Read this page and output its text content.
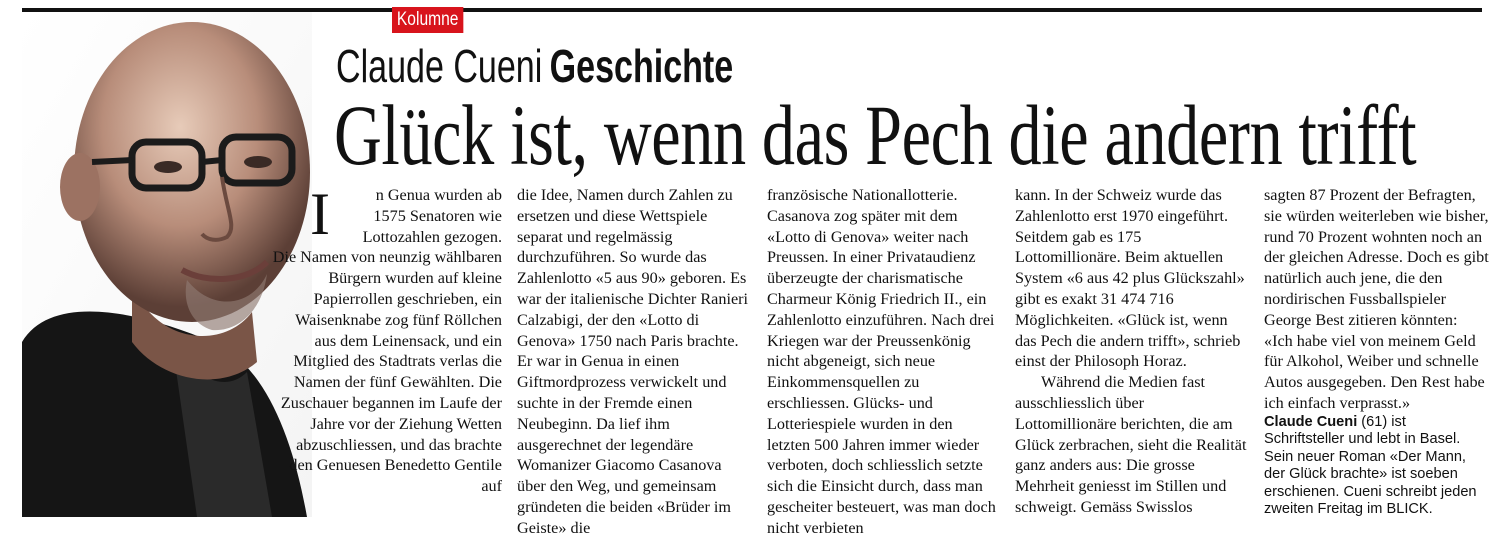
Kolumne
Claude Cueni Geschichte
Glück ist, wenn das Pech die andern trifft
I	n Genua wurden ab 1575 Senatoren wie Lottozahlen gezogen. Die Namen von neunzig wählbaren Bürgern wurden auf kleine Papierrollen geschrieben, ein Waisenknabe zog fünf Röllchen aus dem Leinensack, und ein Mitglied des Stadtrats verlas die Namen der fünf Gewählten. Die Zuschauer begannen im Laufe der Jahre vor der Ziehung Wetten abzuschliessen, und das brachte den Genuesen Benedetto Gentile auf

die Idee, Namen durch Zahlen zu ersetzen und diese Wettspiele separat und regelmässig durchzuführen. So wurde das Zahlenlotto «5 aus 90» geboren. Es war der italienische Dichter Ranieri Calzabigi, der den «Lotto di Genova» 1750 nach Paris brachte. Er war in Genua in einen Giftmordprozess verwickelt und suchte in der Fremde einen Neubeginn. Da lief ihm ausgerechnet der legendäre Womanizer Giacomo Casanova über den Weg, und gemeinsam gründeten die beiden «Brüder im Geiste» die

französische Nationallotterie. Casanova zog später mit dem «Lotto di Genova» weiter nach Preussen. In einer Privataudienz überzeugte der charismatische Charmeur König Friedrich II., ein Zahlenlotto einzuführen. Nach drei Kriegen war der Preussenkönig nicht abgeneigt, sich neue Einkommensquellen zu erschliessen. Glücks- und Lotteriespiele wurden in den letzten 500 Jahren immer wieder verboten, doch schliesslich setzte sich die Einsicht durch, dass man gescheiter besteuert, was man doch nicht verbieten

kann. In der Schweiz wurde das Zahlenlotto erst 1970 eingeführt. Seitdem gab es 175 Lottomillionäre. Beim aktuellen System «6 aus 42 plus Glückszahl» gibt es exakt 31 474 716 Möglichkeiten. «Glück ist, wenn das Pech die andern trifft», schrieb einst der Philosoph Horaz.

Während die Medien fast ausschliesslich über Lottomillionäre berichten, die am Glück zerbrachen, sieht die Realität ganz anders aus: Die grosse Mehrheit geniesst im Stillen und schweigt. Gemäss Swisslos

sagten 87 Prozent der Befragten, sie würden weiterleben wie bisher, rund 70 Prozent wohnten noch an der gleichen Adresse. Doch es gibt natürlich auch jene, die den nordirischen Fussballspieler George Best zitieren könnten: «Ich habe viel von meinem Geld für Alkohol, Weiber und schnelle Autos ausgegeben. Den Rest habe ich einfach verprasst.»

Claude Cueni (61) ist Schriftsteller und lebt in Basel. Sein neuer Roman «Der Mann, der Glück brachte» ist soeben erschienen. Cueni schreibt jeden zweiten Freitag im BLICK.
